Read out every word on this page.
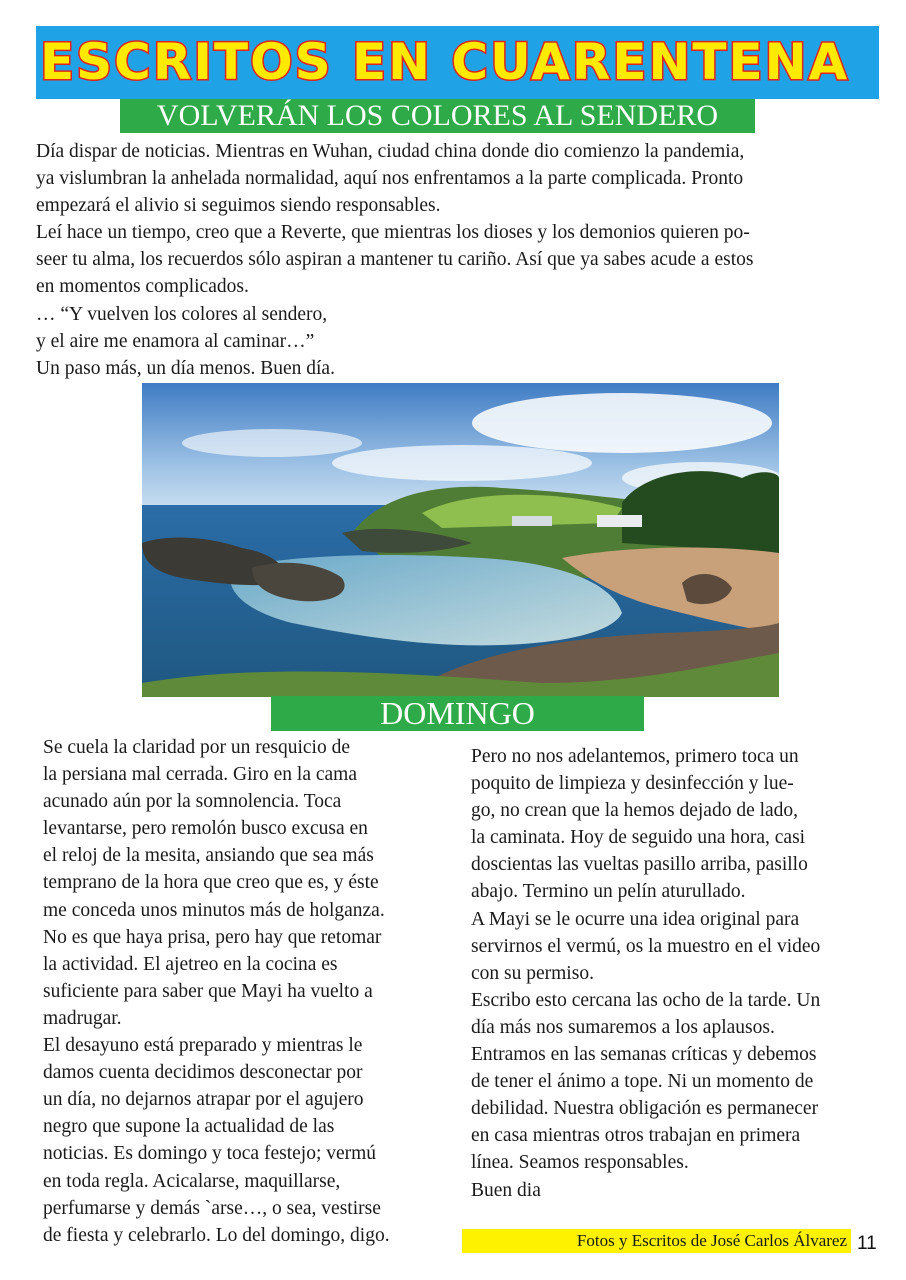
ESCRITOS EN CUARENTENA
VOLVERÁN LOS COLORES AL SENDERO

Día dispar de noticias. Mientras en Wuhan, ciudad china donde dio comienzo la pandemia,

ya vislumbran la anhelada normalidad, aquí nos enfrentamos a la parte complicada. Pronto

empezará el alivio si seguimos siendo responsables.

Leí hace un tiempo, creo que a Reverte, que mientras los dioses y los demonios quieren po-

seer tu alma, los recuerdos sólo aspiran a mantener tu cariño. Así que ya sabes acude a estos

en momentos complicados.

… “Y vuelven los colores al sendero,

y el aire me enamora al caminar…”

Un paso más, un día menos. Buen día.

DOMINGO

Se cuela la claridad por un resquicio de

la persiana mal cerrada. Giro en la cama

acunado aún por la somnolencia. Toca

levantarse, pero remolón busco excusa en

el reloj de la mesita, ansiando que sea más

temprano de la hora que creo que es, y éste

me conceda unos minutos más de holganza.

No es que haya prisa, pero hay que retomar

la actividad. El ajetreo en la cocina es

suficiente para saber que Mayi ha vuelto a

madrugar.

El desayuno está preparado y mientras le

damos cuenta decidimos desconectar por

un día, no dejarnos atrapar por el agujero

negro que supone la actualidad de las

noticias. Es domingo y toca festejo; vermú

en toda regla. Acicalarse, maquillarse,

perfumarse y demás `arse…, o sea, vestirse

de fiesta y celebrarlo. Lo del domingo, digo.

Pero no nos adelantemos, primero toca un

poquito de limpieza y desinfección y lue-

go, no crean que la hemos dejado de lado,

la caminata. Hoy de seguido una hora, casi

doscientas las vueltas pasillo arriba, pasillo

abajo. Termino un pelín aturullado.

A Mayi se le ocurre una idea original para

servirnos el vermú, os la muestro en el video

con su permiso.

Escribo esto cercana las ocho de la tarde. Un

día más nos sumaremos a los aplausos.

Entramos en las semanas críticas y debemos

de tener el ánimo a tope. Ni un momento de

debilidad. Nuestra obligación es permanecer

en casa mientras otros trabajan en primera

línea. Seamos responsables.

Buen dia

Fotos y Escritos de José Carlos Álvarez 11
